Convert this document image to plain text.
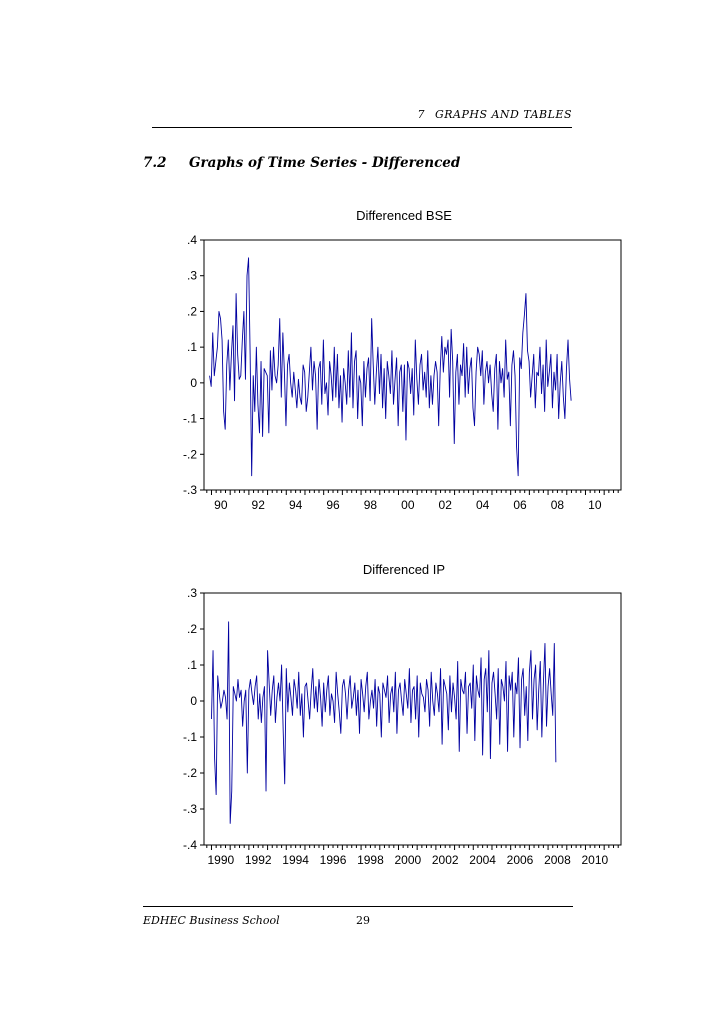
7 GRAPHS AND TABLES
7.2 Graphs of Time Series - Differenced
Differenced BSE
-.3
-.2
-.1
0
.1
.2
.3
.4
90 92 94 96 98 00 02 04 06 08 10
Differenced IP
-.4
-.3
-.2
-.1
0
.1
.2
.3
1990 1992 1994 1996 1998 2000 2002 2004 2006 2008 2010
EDHEC Business School	29
